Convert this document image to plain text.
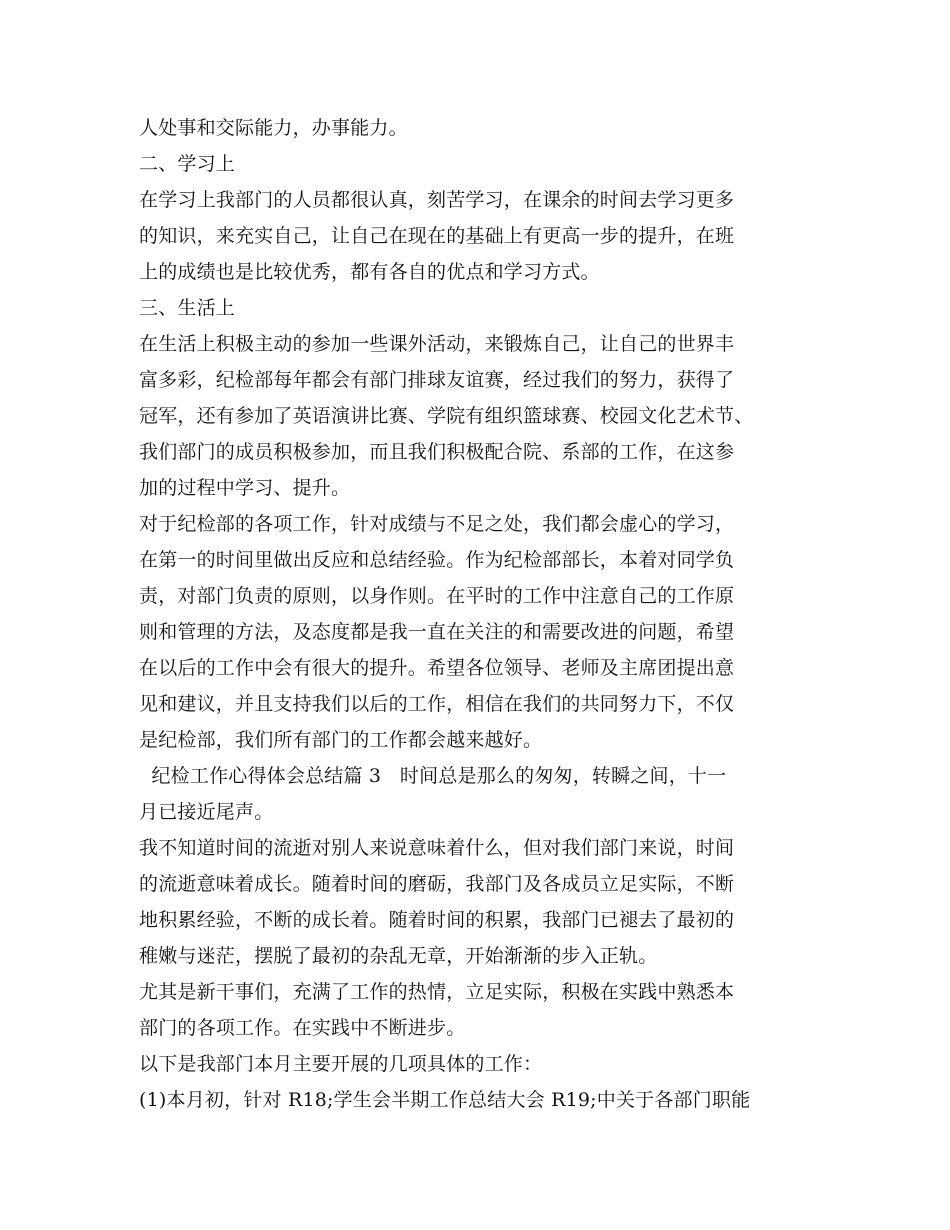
人处事和交际能力，办事能力。
二、学习上
在学习上我部门的人员都很认真，刻苦学习，在课余的时间去学习更多
的知识，来充实自己，让自己在现在的基础上有更高一步的提升，在班
上的成绩也是比较优秀，都有各自的优点和学习方式。
三、生活上
在生活上积极主动的参加一些课外活动，来锻炼自己，让自己的世界丰
富多彩，纪检部每年都会有部门排球友谊赛，经过我们的努力，获得了
冠军，还有参加了英语演讲比赛、学院有组织篮球赛、校园文化艺术节、
我们部门的成员积极参加，而且我们积极配合院、系部的工作，在这参
加的过程中学习、提升。
对于纪检部的各项工作，针对成绩与不足之处，我们都会虚心的学习，
在第一的时间里做出反应和总结经验。作为纪检部部长，本着对同学负
责，对部门负责的原则，以身作则。在平时的工作中注意自己的工作原
则和管理的方法，及态度都是我一直在关注的和需要改进的问题，希望
在以后的工作中会有很大的提升。希望各位领导、老师及主席团提出意
见和建议，并且支持我们以后的工作，相信在我们的共同努力下，不仅
是纪检部，我们所有部门的工作都会越来越好。
纪检工作心得体会总结篇 3   时间总是那么的匆匆，转瞬之间，十一
月已接近尾声。
我不知道时间的流逝对别人来说意味着什么，但对我们部门来说，时间
的流逝意味着成长。随着时间的磨砺，我部门及各成员立足实际，不断
地积累经验，不断的成长着。随着时间的积累，我部门已褪去了最初的
稚嫩与迷茫，摆脱了最初的杂乱无章，开始渐渐的步入正轨。
尤其是新干事们，充满了工作的热情，立足实际，积极在实践中熟悉本
部门的各项工作。在实践中不断进步。
以下是我部门本月主要开展的几项具体的工作：
(1)本月初，针对 R18;学生会半期工作总结大会 R19;中关于各部门职能
